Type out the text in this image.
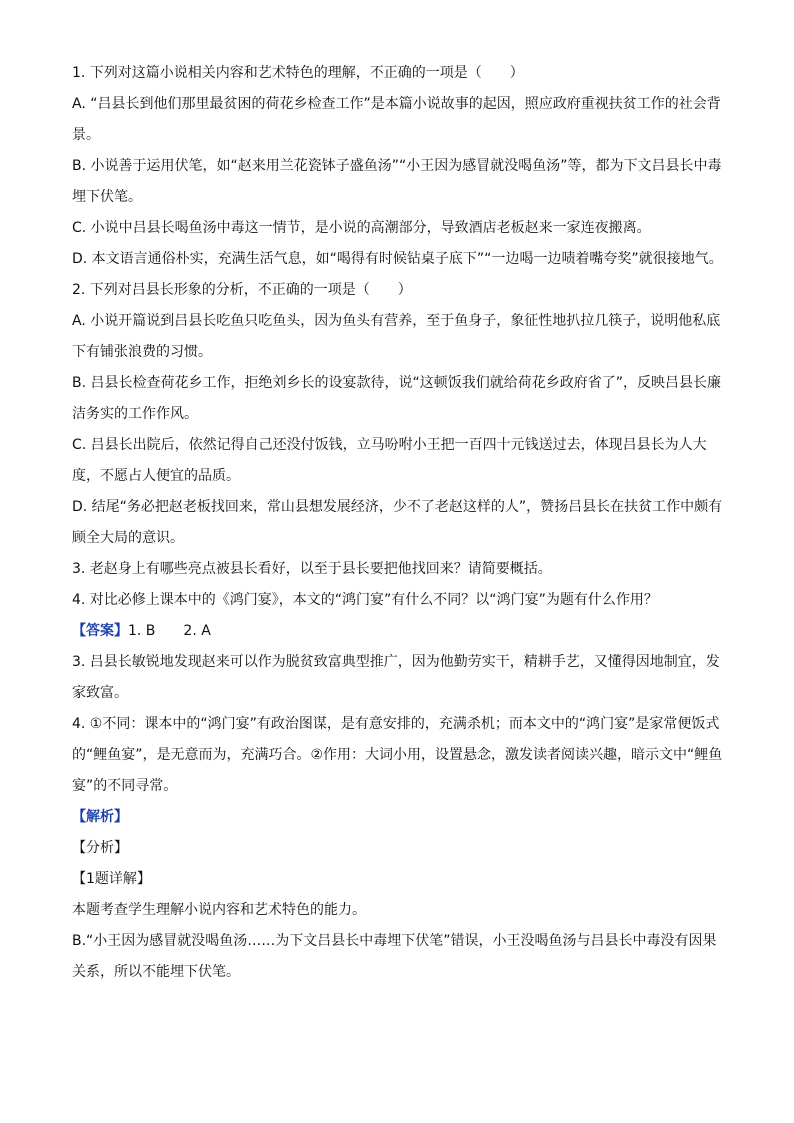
1. 下列对这篇小说相关内容和艺术特色的理解，不正确的一项是（　　）

A. “吕县长到他们那里最贫困的荷花乡检查工作”是本篇小说故事的起因，照应政府重视扶贫工作的社会背景。

B. 小说善于运用伏笔，如“赵来用兰花瓷钵子盛鱼汤”“小王因为感冒就没喝鱼汤”等，都为下文吕县长中毒埋下伏笔。

C. 小说中吕县长喝鱼汤中毒这一情节，是小说的高潮部分，导致酒店老板赵来一家连夜搬离。

D. 本文语言通俗朴实，充满生活气息，如“喝得有时候钻桌子底下”“一边喝一边啧着嘴夸奖”就很接地气。

2. 下列对吕县长形象的分析，不正确的一项是（　　）

A. 小说开篇说到吕县长吃鱼只吃鱼头，因为鱼头有营养，至于鱼身子，象征性地扒拉几筷子，说明他私底下有铺张浪费的习惯。

B. 吕县长检查荷花乡工作，拒绝刘乡长的设宴款待，说“这顿饭我们就给荷花乡政府省了”，反映吕县长廉洁务实的工作作风。

C. 吕县长出院后，依然记得自己还没付饭钱，立马吩咐小王把一百四十元钱送过去，体现吕县长为人大度，不愿占人便宜的品质。

D. 结尾“务必把赵老板找回来，常山县想发展经济，少不了老赵这样的人”，赞扬吕县长在扶贫工作中颇有顾全大局的意识。

3. 老赵身上有哪些亮点被县长看好，以至于县长要把他找回来？请简要概括。

4. 对比必修上课本中的《鸿门宴》，本文的“鸿门宴”有什么不同？以“鸿门宴”为题有什么作用？

【答案】1. B 2. A

3. 吕县长敏锐地发现赵来可以作为脱贫致富典型推广，因为他勤劳实干，精耕手艺，又懂得因地制宜，发家致富。

4. ①不同：课本中的“鸿门宴”有政治图谋，是有意安排的，充满杀机；而本文中的“鸿门宴”是家常便饭式的“鲤鱼宴”，是无意而为，充满巧合。②作用：大词小用，设置悬念，激发读者阅读兴趣，暗示文中“鲤鱼宴”的不同寻常。

【解析】

【分析】

【1题详解】

本题考查学生理解小说内容和艺术特色的能力。

B.“小王因为感冒就没喝鱼汤……为下文吕县长中毒埋下伏笔”错误，小王没喝鱼汤与吕县长中毒没有因果关系，所以不能埋下伏笔。
